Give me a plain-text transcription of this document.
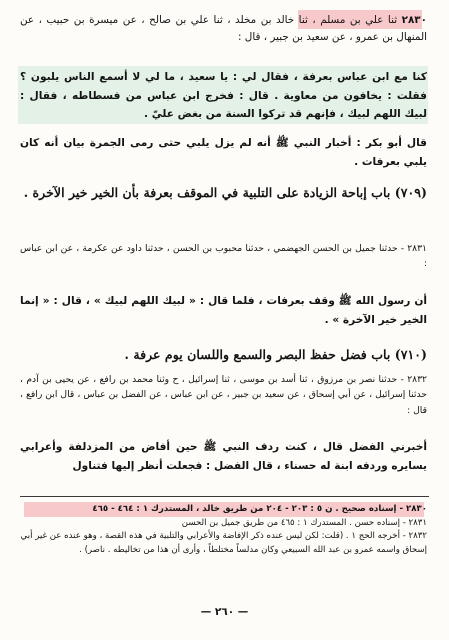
٢٨٣٠ ثنا علي بن مسلم ، ثنا خالد بن مخلد ، ثنا علي بن صالح ، عن ميسرة بن حبيب ، عن المنهال بن عمرو ، عن سعيد بن جبير ، قال :
كنا مع ابن عباس بعرفة ، فقال لي : يا سعيد ، ما لي لا أسمع الناس يلبون ؟ فقلت : يخافون من معاوية . قال : فخرج ابن عباس من فسطاطه ، فقال : لبيك اللهم لبيك ، فإنهم قد تركوا السنة من بغض عليّ .
قال أبو بكر : أخبار النبي ﷺ أنه لم يزل يلبي حتى رمى الجمرة بيان أنه كان يلبي بعرفات .
(٧٠٩) باب إباحة الزيادة على التلبية في الموقف بعرفة بأن الخير خير الآخرة .
٢٨٣١ - حدثنا جميل بن الحسن الجهضمي ، حدثنا محبوب بن الحسن ، حدثنا داود عن عكرمة ، عن ابن عباس :
أن رسول الله ﷺ وقف بعرفات ، فلما قال : « لبيك اللهم لبيك » ، قال : « إنما الخير خير الآخرة » .
(٧١٠) باب فضل حفظ البصر والسمع واللسان يوم عرفة .
٢٨٣٢ - حدثنا نصر بن مرزوق ، ثنا أسد بن موسى ، ثنا إسرائيل ، ح وثنا محمد بن رافع ، عن يحيى بن آدم ، حدثنا إسرائيل ، عن أبي إسحاق ، عن سعيد بن جبير ، عن ابن عباس ، عن الفضل بن عباس ، قال ابن رافع ، قال :
أخبرني الفضل قال ، كنت ردف النبي ﷺ حين أفاض من المزدلفة وأعرابي يسايره وردفه ابنة له حسناء ، قال الفضل : فجعلت أنظر إليها فتناول
٢٨٣٠ - إسناده صحيح . ن ٥ : ٢٠٣ - ٢٠٤ من طريق خالد ، المستدرك ١ : ٤٦٤ - ٤٦٥
٢٨٣١ - إسناده حسن . المستدرك ١ : ٤٦٥ من طريق جميل بن الحسن
٢٨٣٢ - أخرجه الحج ١ . (قلت: لكن ليس عنده ذكر الإفاضة والأعرابي والتلبية في هذه القصة ، وهو عنده عن غير أبي إسحاق واسمه عمرو بن عبد الله السبيعي وكان مدلساً مختلطاً ، وأرى أن هذا من تخاليطه . ناصر) .
— ٢٦٠ —
